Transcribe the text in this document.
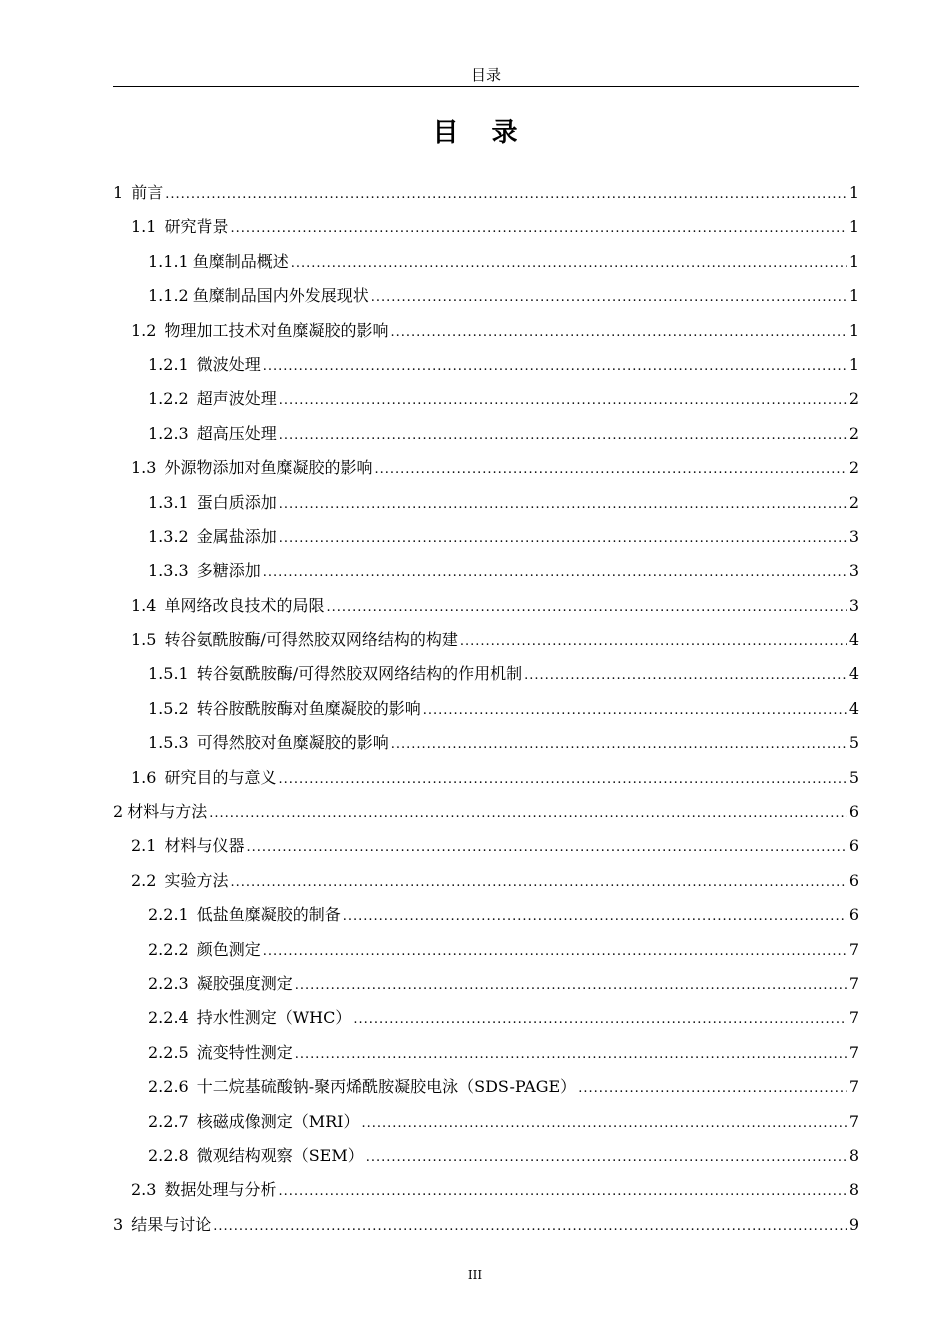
目录
目 录
1 前言 .....	1
1.1 研究背景 .....	1
1.1.1 鱼糜制品概述 .....	1
1.1.2 鱼糜制品国内外发展现状 .....	1
1.2 物理加工技术对鱼糜凝胶的影响 .....	1
1.2.1 微波处理 .....	1
1.2.2 超声波处理 .....	2
1.2.3 超高压处理 .....	2
1.3 外源物添加对鱼糜凝胶的影响 .....	2
1.3.1 蛋白质添加 .....	2
1.3.2 金属盐添加 .....	3
1.3.3 多糖添加 .....	3
1.4 单网络改良技术的局限 .....	3
1.5 转谷氨酰胺酶/可得然胶双网络结构的构建 .....	4
1.5.1 转谷氨酰胺酶/可得然胶双网络结构的作用机制 .....	4
1.5.2 转谷胺酰胺酶对鱼糜凝胶的影响 .....	4
1.5.3 可得然胶对鱼糜凝胶的影响 .....	5
1.6 研究目的与意义 .....	5
2 材料与方法 .....	6
2.1 材料与仪器 .....	6
2.2 实验方法 .....	6
2.2.1 低盐鱼糜凝胶的制备 .....	6
2.2.2 颜色测定 .....	7
2.2.3 凝胶强度测定 .....	7
2.2.4 持水性测定（WHC） .....	7
2.2.5 流变特性测定 .....	7
2.2.6 十二烷基硫酸钠-聚丙烯酰胺凝胶电泳（SDS-PAGE） .....	7
2.2.7 核磁成像测定（MRI） .....	7
2.2.8 微观结构观察（SEM） .....	8
2.3 数据处理与分析 .....	8
3 结果与讨论 .....	9
III
